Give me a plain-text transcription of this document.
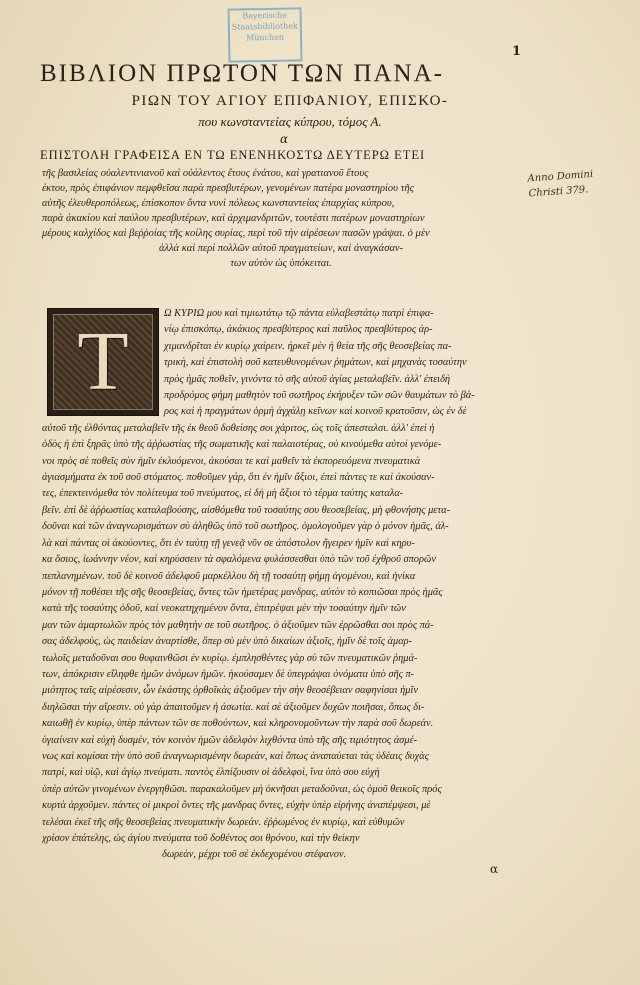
Bayerische
Staatsbibliothek
München
1
ΒΙΒΛΙΟΝ ΠΡΩΤΟΝ ΤΩΝ ΠΑΝΑ-
ΡΙΩΝ ΤΟΥ ΑΓΙΟΥ ΕΠΙΦΑΝΙΟΥ, ΕΠΙΣΚΟ-
που κωνσταντείας κύπρου, τόμος Α.
α
Anno Domini
Christi 379.
ΕΠΙΣΤΟΛΗ ΓΡΑΦΕΙΣΑ ΕΝ ΤΩ ΕΝΕΝΗΚΟΣΤΩ ΔΕΥΤΕΡΩ ΕΤΕΙ
τῆς βασιλείας οὐαλεντινιανοῦ καὶ οὐάλεντος ἔτους ἐνάτου, καὶ γρατιανοῦ ἔτους
ἐκτου, πρὸς ἐπιφάνιον πεμφθεῖσα παρὰ πρεσβυτέρων, γενομένων πατέρα μοναστηρίου τῆς
αὐτῆς ἐλευθεροπόλεως, ἐπίσκοπον ὄντα νυνὶ πόλεως κωνσταντείας ἐπαρχίας κύπρου,
παρὰ ἀκακίου καὶ παύλου πρεσβυτέρων, καὶ ἀρχιμανδριτῶν, τουτέστι πατέρων μοναστηρίων
μέρους καλχίδος καὶ βεῤῥοίας τῆς κοίλης συρίας, περὶ τοῦ τὴν αἱρέσεων πασῶν γράψαι. ὁ μὲν
ἀλλὰ καὶ περὶ πολλῶν αὐτοῦ πραγματείων, καὶ ἀναγκάσαν-
των αὐτὸν ὡς ὑπόκειται.
Τ
Ω ΚΥΡΙΩ μου καὶ τιμιωτάτῳ τῷ πάντα εὐλαβεστάτῳ πατρὶ ἐπιφα-
νίῳ ἐπισκόπῳ, ἀκάκιος πρεσβύτερος καὶ παῦλος πρεσβύτερος ἀρ-
χιμανδρῖται ἐν κυρίῳ χαίρειν. ἠρκεῖ μὲν ἡ θεία τῆς σῆς θεοσεβείας πα-
τρικὴ, καὶ ἐπιστολὴ σοῦ κατευθυνομένων ῥημάτων, καὶ μηχανὰς τοσαύτην
πρὸς ἡμᾶς ποθεῖν, γινόντα τὸ σῆς αὐτοῦ ἁγίας μεταλαβεῖν. ἀλλ' ἐπειδὴ
προδρόμος φήμη μαθητὸν τοῦ σωτῆρος ἐκήρυξεν τῶν σῶν θαυμάτων τὸ βά-
ρος καὶ ἡ πραγμάτων ὁρμὴ ἀγχάλῃ κεῖνων καὶ κοινοῦ κρατοῦσιν, ὡς ἐν δὲ
αὐτοῦ τῆς ἐλθόντας μεταλαβεῖν τῆς ἐκ θεοῦ δοθείσης σοι χάριτος, ὡς τοῖς ἀπεσταλσι. ἀλλ' ἐπεὶ ἡ
ὁδὸς ἡ ἐπὶ ξηρᾶς ὑπὸ τῆς ἀῤῥωστίας τῆς σωματικῆς καὶ παλαιοτέρας, οὐ κινούμεθα αὐτοὶ γενόμε-
νοι πρὸς σὲ ποθεῖς σὺν ἡμῖν ἐκλυόμενοι, ἀκούσαι τε καὶ μαθεῖν τὰ ἐκπορευόμενα πνευματικὰ
ἀγιασμήματα ἐκ τοῦ σοῦ στόματος. ποθοῦμεν γάρ, ὅτι ἐν ἡμῖν ἄξιοι, ἐπεὶ πάντες τε καὶ ἀκούσαν-
τες, ἐπεκτεινόμεθα τὸν πολίτευμα τοῦ πνεύματος, εἰ δὴ μὴ ἄξιοι τὸ τέρμα ταύτης καταλα-
βεῖν. ἐπὶ δὲ ἀῤῥωστίας καταλαβούσης, αἰσθόμεθα τοῦ τοσαύτης σου θεοσεβείας, μὴ φθονήσης μετα-
δοῦναι καὶ τῶν ἀναγνωρισμάτων σὺ ἀληθῶς ὑπὸ τοῦ σωτῆρος. ὁμολογοῦμεν γὰρ ὁ μόνον ἡμᾶς, ἀλ-
λὰ καὶ πάντας οἱ ἀκούοντες, ὅτι ἐν ταύτῃ τῇ γενεᾷ νῦν σε ἀπόστολον ἤγειρεν ἡμῖν καὶ κηρυ-
κα ὅσιος, ἰωάννην νέον, καὶ κηρύσσειν τὰ σφαλόμενα φυλάσσεσθαι ὑπὸ τῶν τοῦ ἐχθροῦ σπορῶν
πεπλανημένων. τοῦ δὲ κοινοῦ ἀδελφοῦ μαρκέλλου δὴ τῇ τοσαύτῃ φήμῃ ἀγομένου, καὶ ἡνίκα
μόνον τῇ ποθέσει τῆς σῆς θεοσεβείας, ὄντες τῶν ἡμετέρας μανδρας, αὐτὸν τὸ κοπιῶσαι πρὸς ἡμᾶς
κατὰ τῆς τοσαύτης ὁδοῦ, καὶ νεοκατηχημένον ὄντα, ἐπιτρέψαι μὲν τὴν τοσαύτην ἡμῖν τῶν
μαν τῶν ἀμαρτωλῶν πρὸς τὸν μαθητὴν σε τοῦ σωτῆρος. ὁ ἀξιοῦμεν τῶν ἐρρῶσθαι σοι πρὸς πά-
σας ἀδελφοὺς, ὡς παιδείαν ἀναρτίσθε, ὅπερ σὺ μὲν ὑπὸ δικαίων ἀξιοῖς, ἡμῖν δὲ τοῖς ἁμαρ-
τωλοῖς μεταδοῦναι σου θυφαινθῶσι ἐν κυρίῳ. ἐμπλησθέντες γὰρ σὺ τῶν πνευματικῶν ῥημά-
των, ἀπόκρισιν εἴληφθε ἡμῶν ἀνόμων ἡμῶν. ἠκούσαμεν δὲ ὑπεγράψαι ὀνόματα ὑπὸ σῆς π-
μιότητος ταῖς αἱρέσεσιν, ὧν ἑκάστης ὀρθοῖκὰς ἀξιοῦμεν τὴν σὴν θεοσέβειαν σαφηνίσαι ἡμῖν
διηλῶσαι τὴν αἵρεσιν. οὐ γὰρ ἀπαιτοῦμεν ἡ ἀσωτία. καὶ σὲ ἀξιοῦμεν δυχῶν ποιῆσαι, ὅπως δι-
καιωθῇ ἐν κυρίῳ, ὑπὲρ πάντων τῶν σε ποθούντων, καὶ κληρονομοῦντων τὴν παρὰ σοῦ δωρεάν.
ὑγιαίνειν καὶ εὐχὴ δυσμὲν, τὸν κοινὸν ἡμῶν ἀδελφὸν λιχθόντα ὑπὸ τῆς σῆς τιμιότητος ἀσμέ-
νως καὶ κομίσαι τὴν ὑπὸ σοῦ ἀναγνωρισμένην δωρεὰν, καὶ ὅπως ἀναπαύεται τὰς ὑδέαις δυχὰς
πατρί, καὶ υἱῷ, καὶ ἁγίῳ πνεύματι. παντὸς ἐλπίζουσιν οἱ ἀδελφοὶ, ἵνα ὑπὸ σου εὐχὴ
ὑπὲρ αὐτῶν γινομένων ἐνεργηθῶσι. παρακαλοῦμεν μὴ ὀκνῆσαι μεταδοῦναι, ὡς ὁμοῦ θεικοῖς πρός
κυρτὰ ἀρχοῦμεν. πάντες οἱ μικροὶ ὄντες τῆς μανδρας ὄντες, εὐχὴν ὑπὲρ εἰρήνης ἀναπέμψεσι, μὲ
τελέσαι ἐκεῖ τῆς σῆς θεοσεβείας πνευματικὴν δωρεάν. ἐῤῥωμένος ἐν κυρίῳ, καὶ εὐθυμῶν
χρίσον ἐπάτελης, ὡς ἁγίου πνεύματα τοῦ δοθέντος σοι θρόνου, καὶ τὴν θείκην
δωρεὰν, μέχρι τοῦ σὲ ἐκδεχομένου στέφανον.
α
